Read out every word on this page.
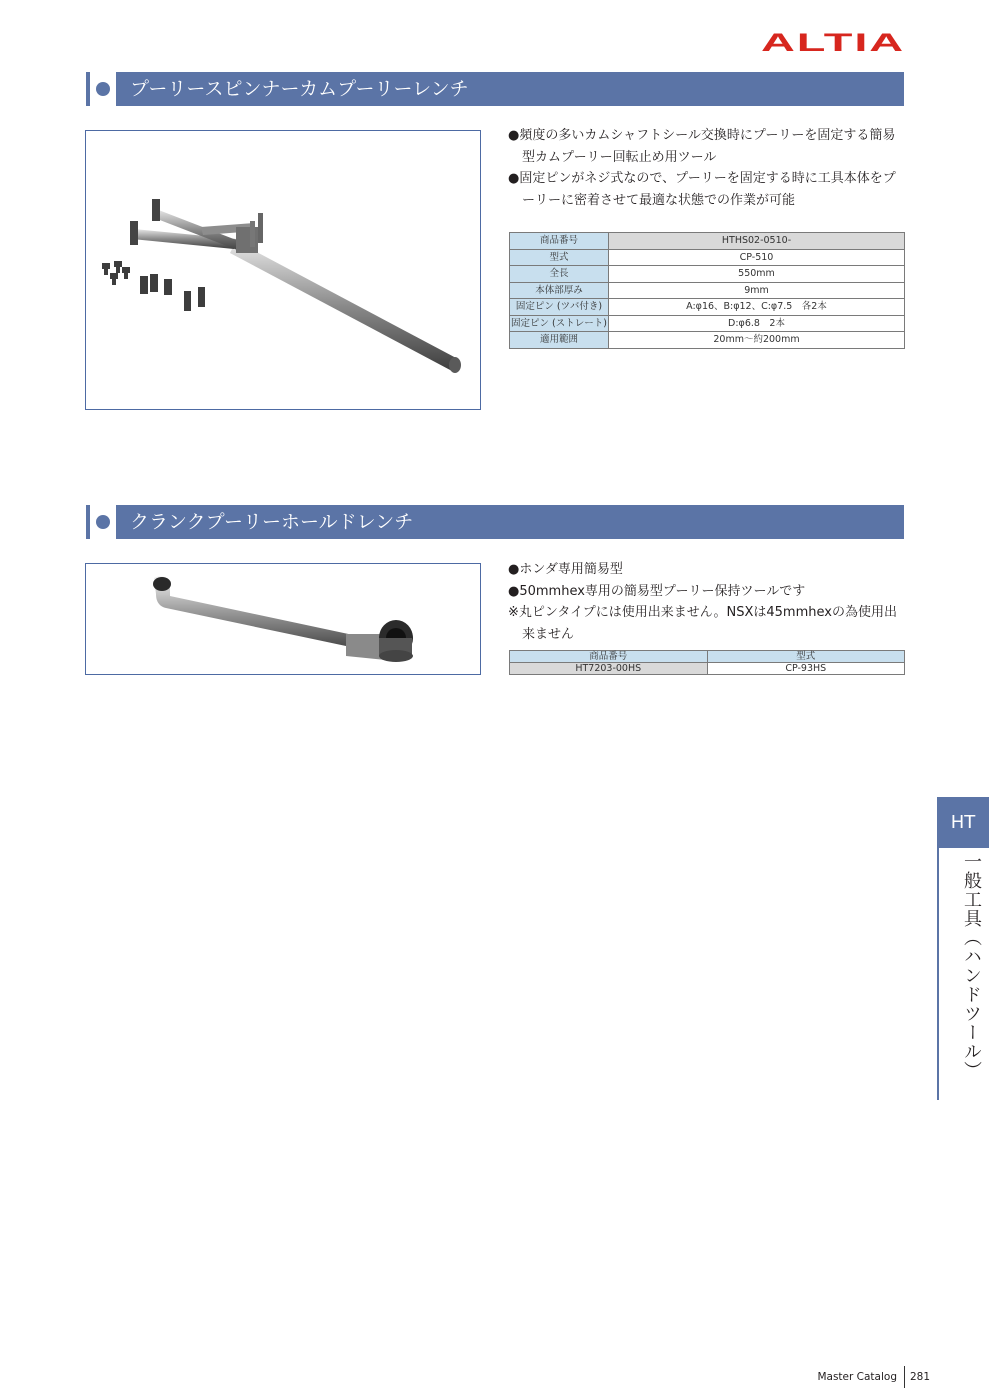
ALTIA
プーリースピンナーカムプーリーレンチ
●頻度の多いカムシャフトシール交換時にプーリーを固定する簡易型カムプーリー回転止め用ツール
●固定ピンがネジ式なので、プーリーを固定する時に工具本体をプーリーに密着させて最適な状態での作業が可能
商品番号	HTHS02-0510-
型式	CP-510
全長	550mm
本体部厚み	9mm
固定ピン (ツバ付き)	A:φ16、B:φ12、C:φ7.5　各2本
固定ピン (ストレート)	D:φ6.8　2本
適用範囲	20mm～約200mm
クランクプーリーホールドレンチ
●ホンダ専用簡易型
●50mmhex専用の簡易型プーリー保持ツールです
※丸ピンタイプには使用出来ません。NSXは45mmhexの為使用出来ません
商品番号	型式
HT7203-00HS	CP-93HS
HT
一般工具（ハンドツール）
Master Catalog 281
